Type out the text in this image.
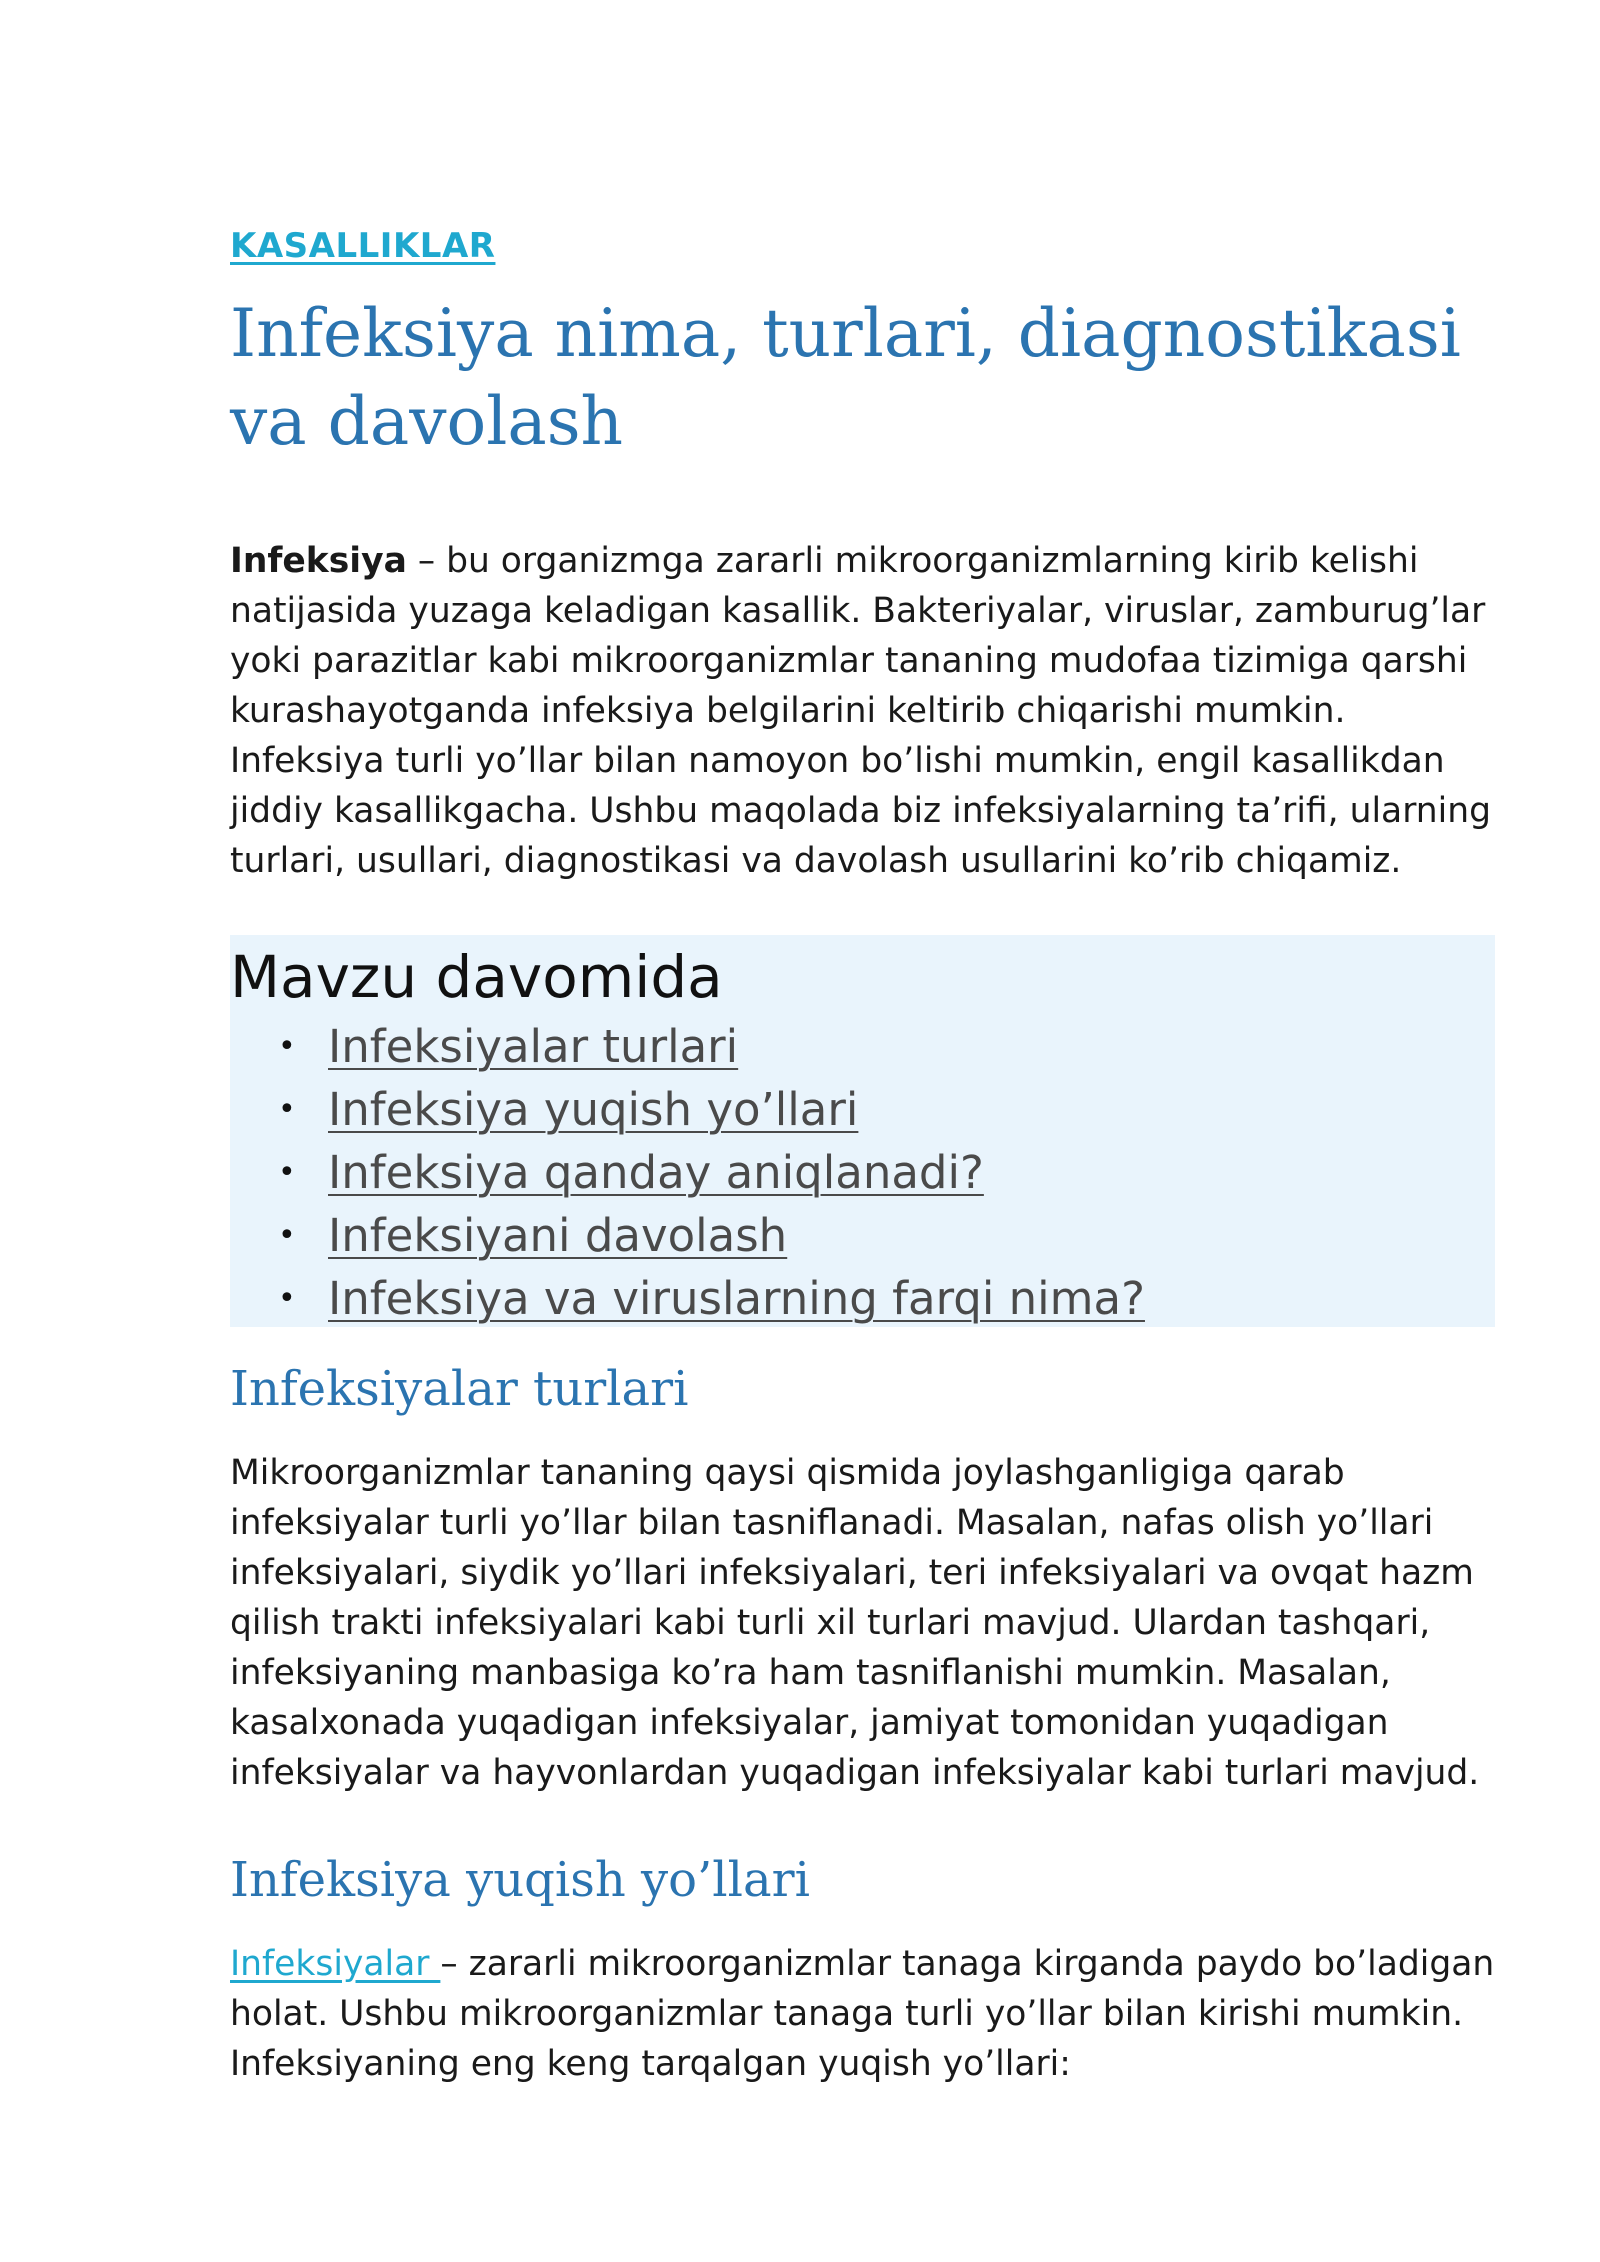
KASALLIKLAR
Infeksiya nima, turlari, diagnostikasi va davolash

Infeksiya – bu organizmga zararli mikroorganizmlarning kirib kelishi natijasida yuzaga keladigan kasallik. Bakteriyalar, viruslar, zamburug’lar yoki parazitlar kabi mikroorganizmlar tananing mudofaa tizimiga qarshi kurashayotganda infeksiya belgilarini keltirib chiqarishi mumkin. Infeksiya turli yo’llar bilan namoyon bo’lishi mumkin, engil kasallikdan jiddiy kasallikgacha. Ushbu maqolada biz infeksiyalarning ta’rifi, ularning turlari, usullari, diagnostikasi va davolash usullarini ko’rib chiqamiz.

Mavzu davomida
• Infeksiyalar turlari
• Infeksiya yuqish yo’llari
• Infeksiya qanday aniqlanadi?
• Infeksiyani davolash
• Infeksiya va viruslarning farqi nima?
Infeksiyalar turlari

Mikroorganizmlar tananing qaysi qismida joylashganligiga qarab infeksiyalar turli yo’llar bilan tasniflanadi. Masalan, nafas olish yo’llari infeksiyalari, siydik yo’llari infeksiyalari, teri infeksiyalari va ovqat hazm qilish trakti infeksiyalari kabi turli xil turlari mavjud. Ulardan tashqari, infeksiyaning manbasiga ko’ra ham tasniflanishi mumkin. Masalan, kasalxonada yuqadigan infeksiyalar, jamiyat tomonidan yuqadigan infeksiyalar va hayvonlardan yuqadigan infeksiyalar kabi turlari mavjud.

Infeksiya yuqish yo’llari

Infeksiyalar – zararli mikroorganizmlar tanaga kirganda paydo bo’ladigan holat. Ushbu mikroorganizmlar tanaga turli yo’llar bilan kirishi mumkin. Infeksiyaning eng keng tarqalgan yuqish yo’llari:
